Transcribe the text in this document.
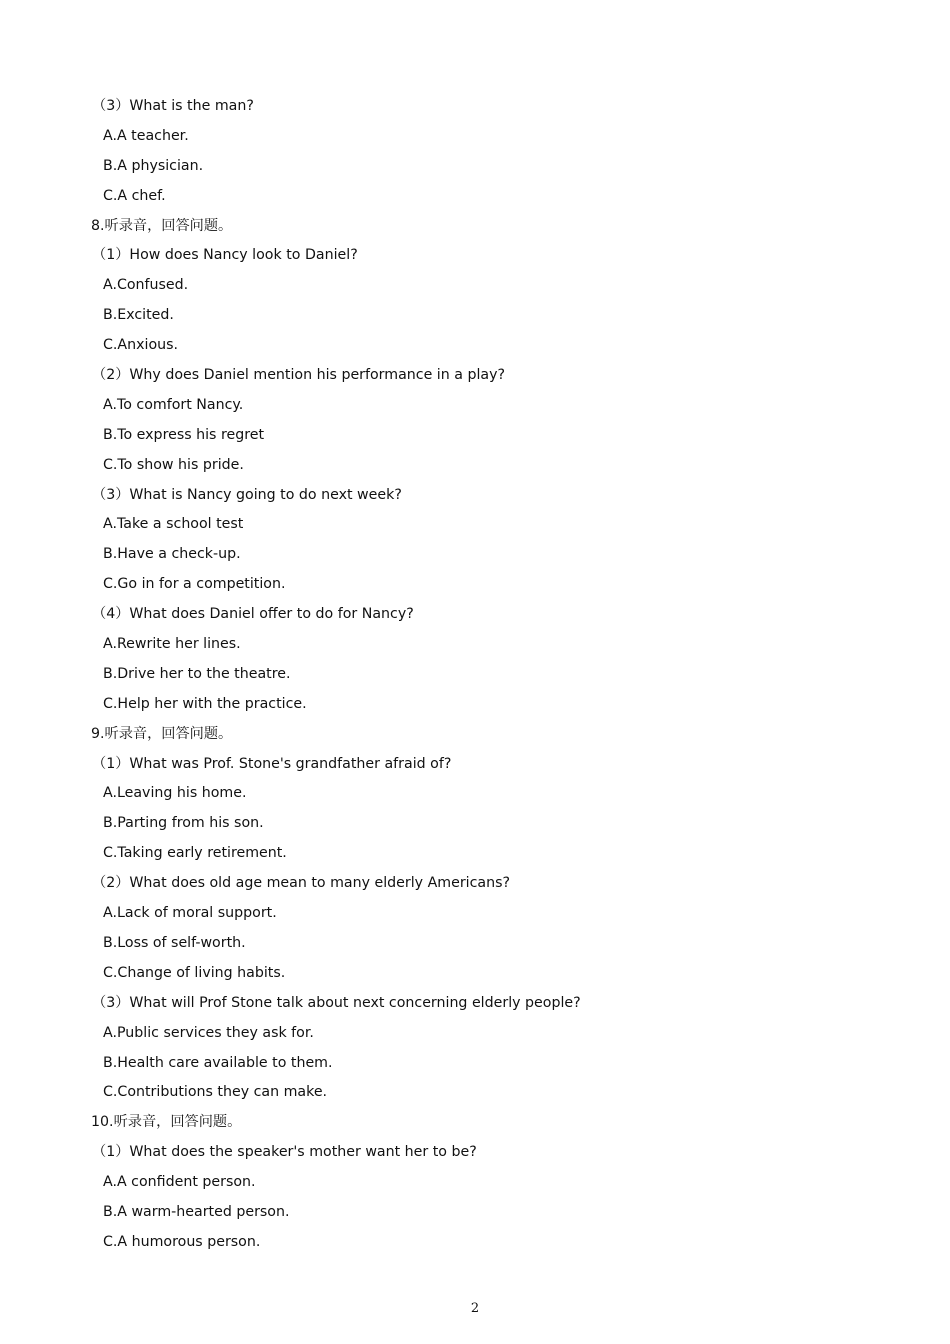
（3）What is the man?
A.A teacher.
B.A physician.
C.A chef.
8.听录音，回答问题。
（1）How does Nancy look to Daniel?
A.Confused.
B.Excited.
C.Anxious.
（2）Why does Daniel mention his performance in a play?
A.To comfort Nancy.
B.To express his regret
C.To show his pride.
（3）What is Nancy going to do next week?
A.Take a school test
B.Have a check-up.
C.Go in for a competition.
（4）What does Daniel offer to do for Nancy?
A.Rewrite her lines.
B.Drive her to the theatre.
C.Help her with the practice.
9.听录音，回答问题。
（1）What was Prof. Stone's grandfather afraid of?
A.Leaving his home.
B.Parting from his son.
C.Taking early retirement.
（2）What does old age mean to many elderly Americans?
A.Lack of moral support.
B.Loss of self-worth.
C.Change of living habits.
（3）What will Prof Stone talk about next concerning elderly people?
A.Public services they ask for.
B.Health care available to them.
C.Contributions they can make.
10.听录音，回答问题。
（1）What does the speaker's mother want her to be?
A.A confident person.
B.A warm-hearted person.
C.A humorous person.
2
